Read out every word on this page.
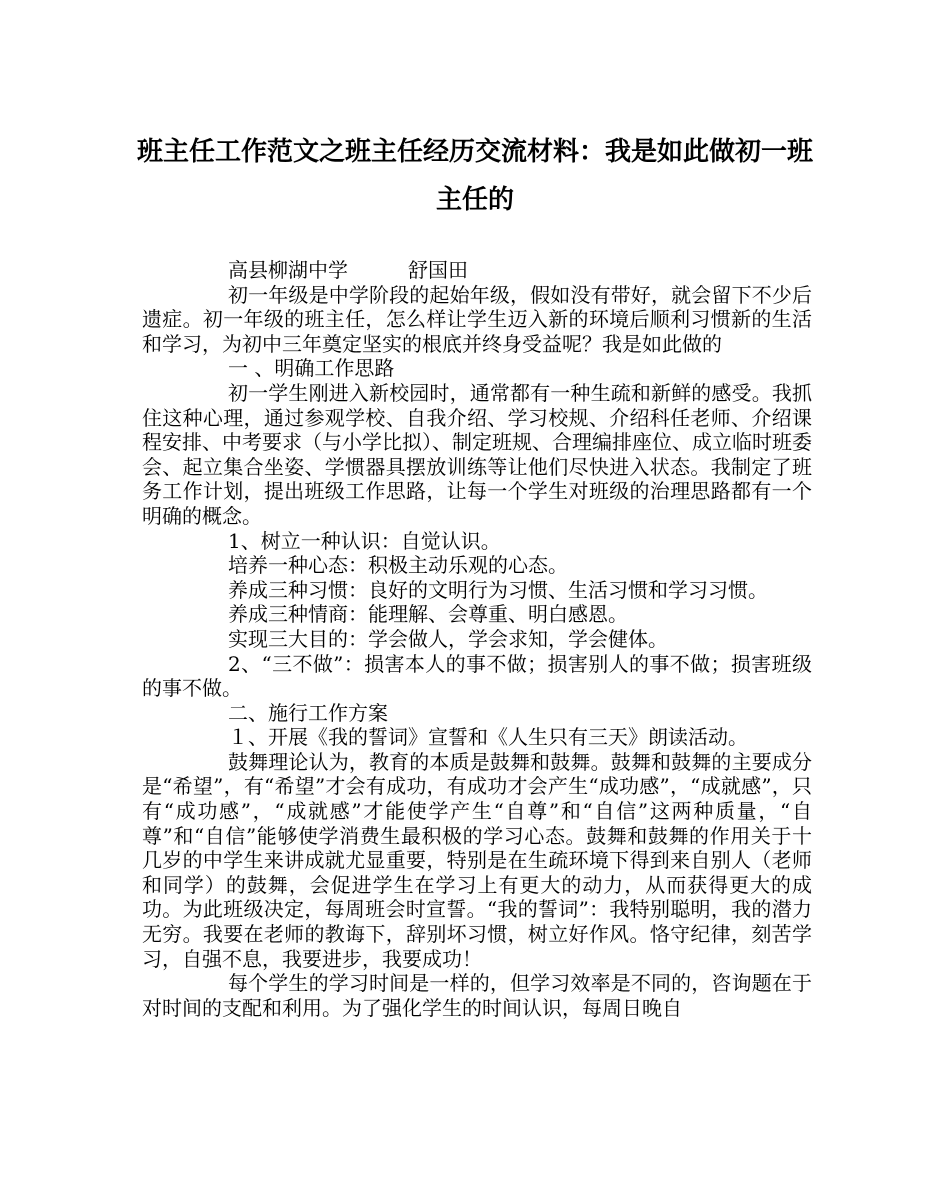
班主任工作范文之班主任经历交流材料：我是如此做初一班主任的

高县柳湖中学　　　舒国田

初一年级是中学阶段的起始年级，假如没有带好，就会留下不少后遗症。初一年级的班主任，怎么样让学生迈入新的环境后顺利习惯新的生活和学习，为初中三年奠定坚实的根底并终身受益呢？我是如此做的

一 、明确工作思路

初一学生刚进入新校园时，通常都有一种生疏和新鲜的感受。我抓住这种心理，通过参观学校、自我介绍、学习校规、介绍科任老师、介绍课程安排、中考要求（与小学比拟）、制定班规、合理编排座位、成立临时班委会、起立集合坐姿、学惯器具摆放训练等让他们尽快进入状态。我制定了班务工作计划，提出班级工作思路，让每一个学生对班级的治理思路都有一个明确的概念。

1、树立一种认识：自觉认识。

培养一种心态：积极主动乐观的心态。

养成三种习惯：良好的文明行为习惯、生活习惯和学习习惯。

养成三种情商：能理解、会尊重、明白感恩。

实现三大目的：学会做人，学会求知，学会健体。

2、“三不做”：损害本人的事不做；损害别人的事不做；损害班级的事不做。

二、施行工作方案

１、开展《我的誓词》宣誓和《人生只有三天》朗读活动。

鼓舞理论认为，教育的本质是鼓舞和鼓舞。鼓舞和鼓舞的主要成分是“希望”，有“希望”才会有成功，有成功才会产生“成功感”，“成就感”，只有“成功感”，“成就感”才能使学产生“自尊”和“自信”这两种质量，“自尊”和“自信”能够使学消费生最积极的学习心态。鼓舞和鼓舞的作用关于十几岁的中学生来讲成就尤显重要，特别是在生疏环境下得到来自别人（老师和同学）的鼓舞，会促进学生在学习上有更大的动力，从而获得更大的成功。为此班级决定，每周班会时宣誓。“我的誓词”：我特别聪明，我的潜力无穷。我要在老师的教诲下，辞别坏习惯，树立好作风。恪守纪律，刻苦学习，自强不息，我要进步，我要成功！

每个学生的学习时间是一样的，但学习效率是不同的，咨询题在于对时间的支配和利用。为了强化学生的时间认识，每周日晚自
